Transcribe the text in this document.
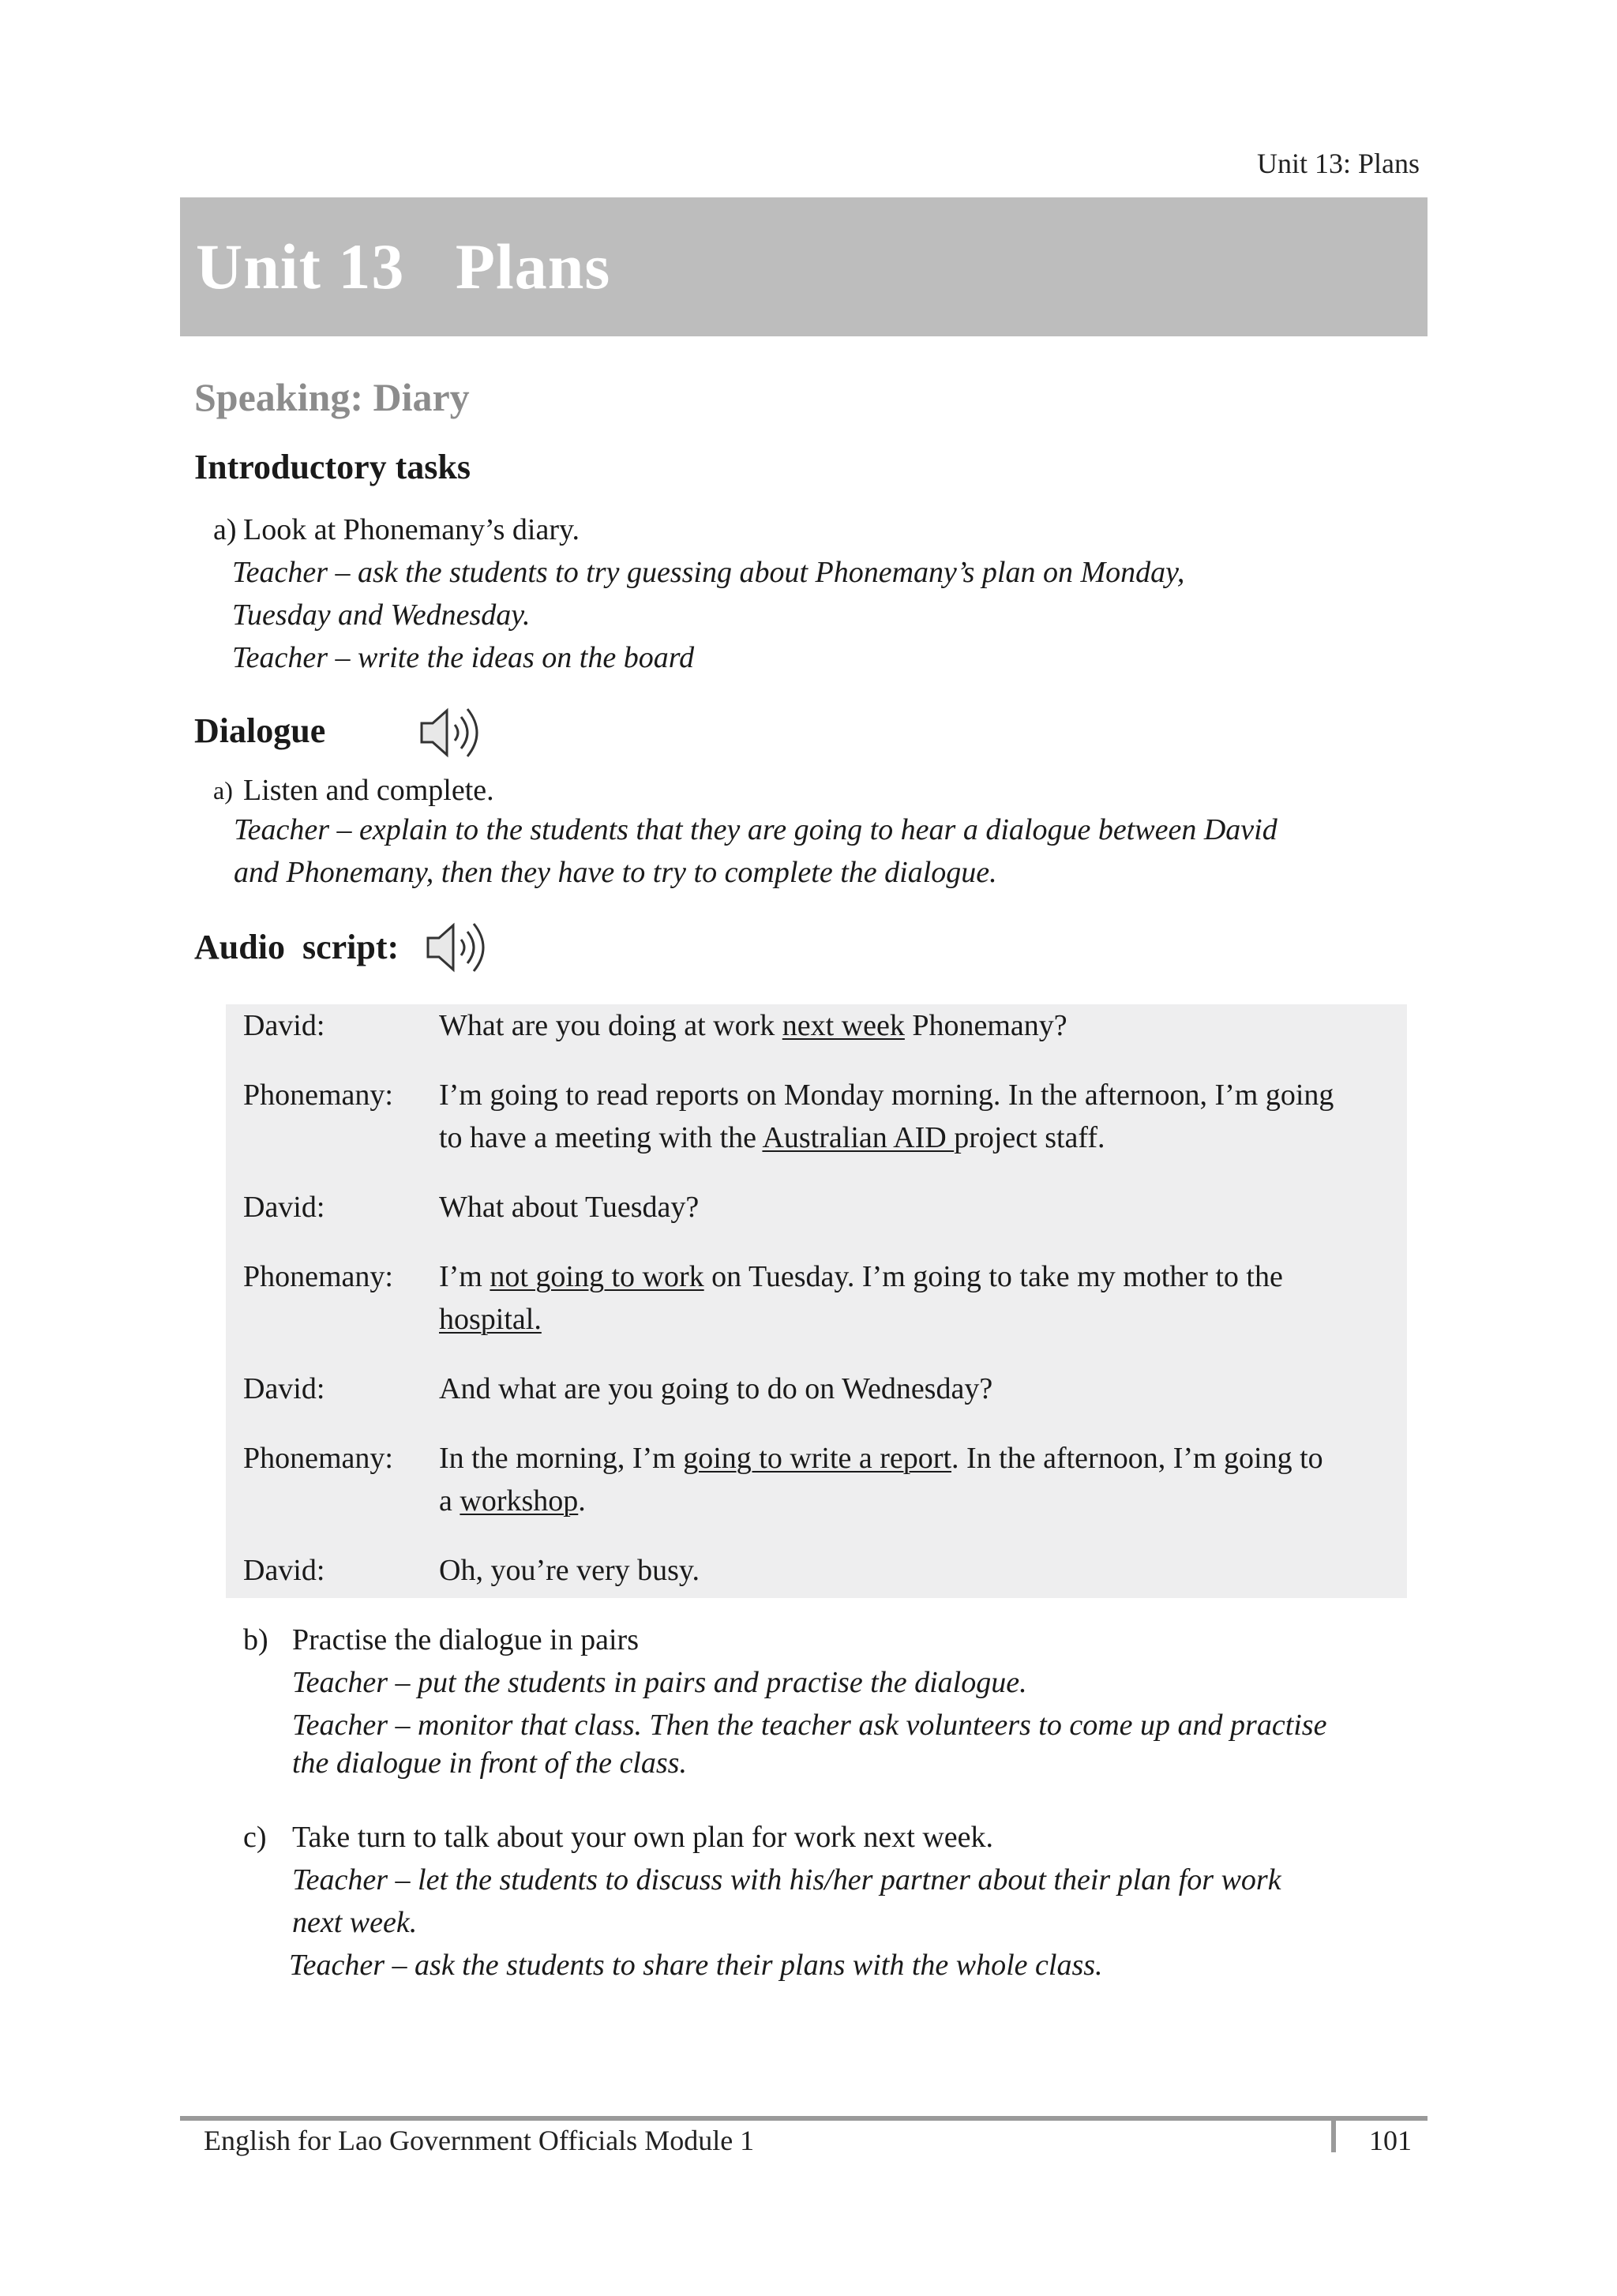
Unit 13: Plans
Unit 13   Plans
Speaking: Diary
Introductory tasks
a) Look at Phonemany’s diary.
Teacher – ask the students to try guessing about Phonemany’s plan on Monday,
Tuesday and Wednesday.
Teacher – write the ideas on the board
Dialogue
a) Listen and complete.
Teacher – explain to the students that they are going to hear a dialogue between David
and Phonemany, then they have to try to complete the dialogue.
Audio  script:
David:	What are you doing at work next week Phonemany?
Phonemany:	I’m going to read reports on Monday morning. In the afternoon, I’m going
to have a meeting with the Australian AID project staff.
David:	What about Tuesday?
Phonemany:	I’m not going to work on Tuesday. I’m going to take my mother to the
hospital.
David:	And what are you going to do on Wednesday?
Phonemany:	In the morning, I’m going to write a report. In the afternoon, I’m going to
a workshop.
David:	Oh, you’re very busy.
b) Practise the dialogue in pairs
Teacher – put the students in pairs and practise the dialogue.
Teacher – monitor that class. Then the teacher ask volunteers to come up and practise
the dialogue in front of the class.
c) Take turn to talk about your own plan for work next week.
Teacher – let the students to discuss with his/her partner about their plan for work
next week.
Teacher – ask the students to share their plans with the whole class.
English for Lao Government Officials Module 1	101
